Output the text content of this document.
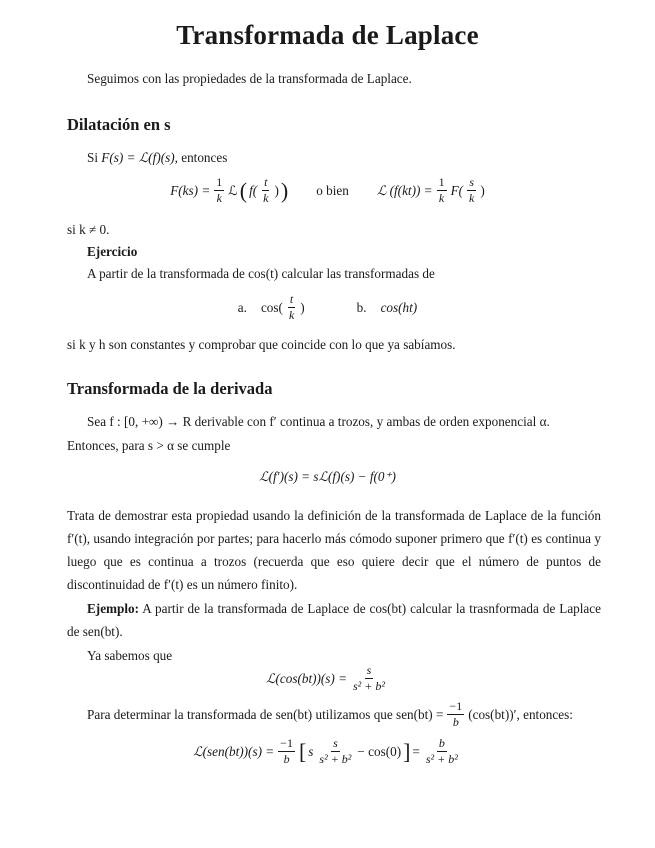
Transformada de Laplace
Seguimos con las propiedades de la transformada de Laplace.
Dilatación en s
Si F(s) = ℒ(f)(s), entonces
$F(ks) = \frac{1}{k}$ ℒ ( $f( \frac{t}{k}$ ) ) o bien ℒ $(f(kt)) = \frac{1}{k} F( \frac{s}{k}$ )
si k ≠ 0.
Ejercicio
A partir de la transformada de cos(t) calcular las transformadas de
a. $\cos( \frac{t}{k}$ )	b. cos(ht)
si k y h son constantes y comprobar que coincide con lo que ya sabíamos.
Transformada de la derivada
Sea f : [0, +∞) → R derivable con f′ continua a trozos, y ambas de orden exponencial α.
Entonces, para s > α se cumple
ℒ(f′)(s) = sℒ(f)(s) − f(0⁺)
Trata de demostrar esta propiedad usando la definición de la transformada de Laplace de la función f′(t), usando integración por partes; para hacerlo más cómodo suponer primero que f′(t) es continua y luego que es continua a trozos (recuerda que eso quiere decir que el número de puntos de discontinuidad de f′(t) es un número finito).
Ejemplo: A partir de la transformada de Laplace de cos(bt) calcular la trasnformada de Laplace de sen(bt).
Ya sabemos que
ℒ(cos(bt))(s) = $\frac{s}{\text{s² + b²}}$
Para determinar la transformada de sen(bt) utilizamos que $sen(bt) = \frac{-1}{b} (\cos(bt))'$, entonces:
ℒ(sen(bt))(s) = $\frac{-1}{b}$ [ s $\frac{s}{\text{s² + b²}} - \cos(0)$ ] = $\frac{b}{\text{s² + b²}}$
